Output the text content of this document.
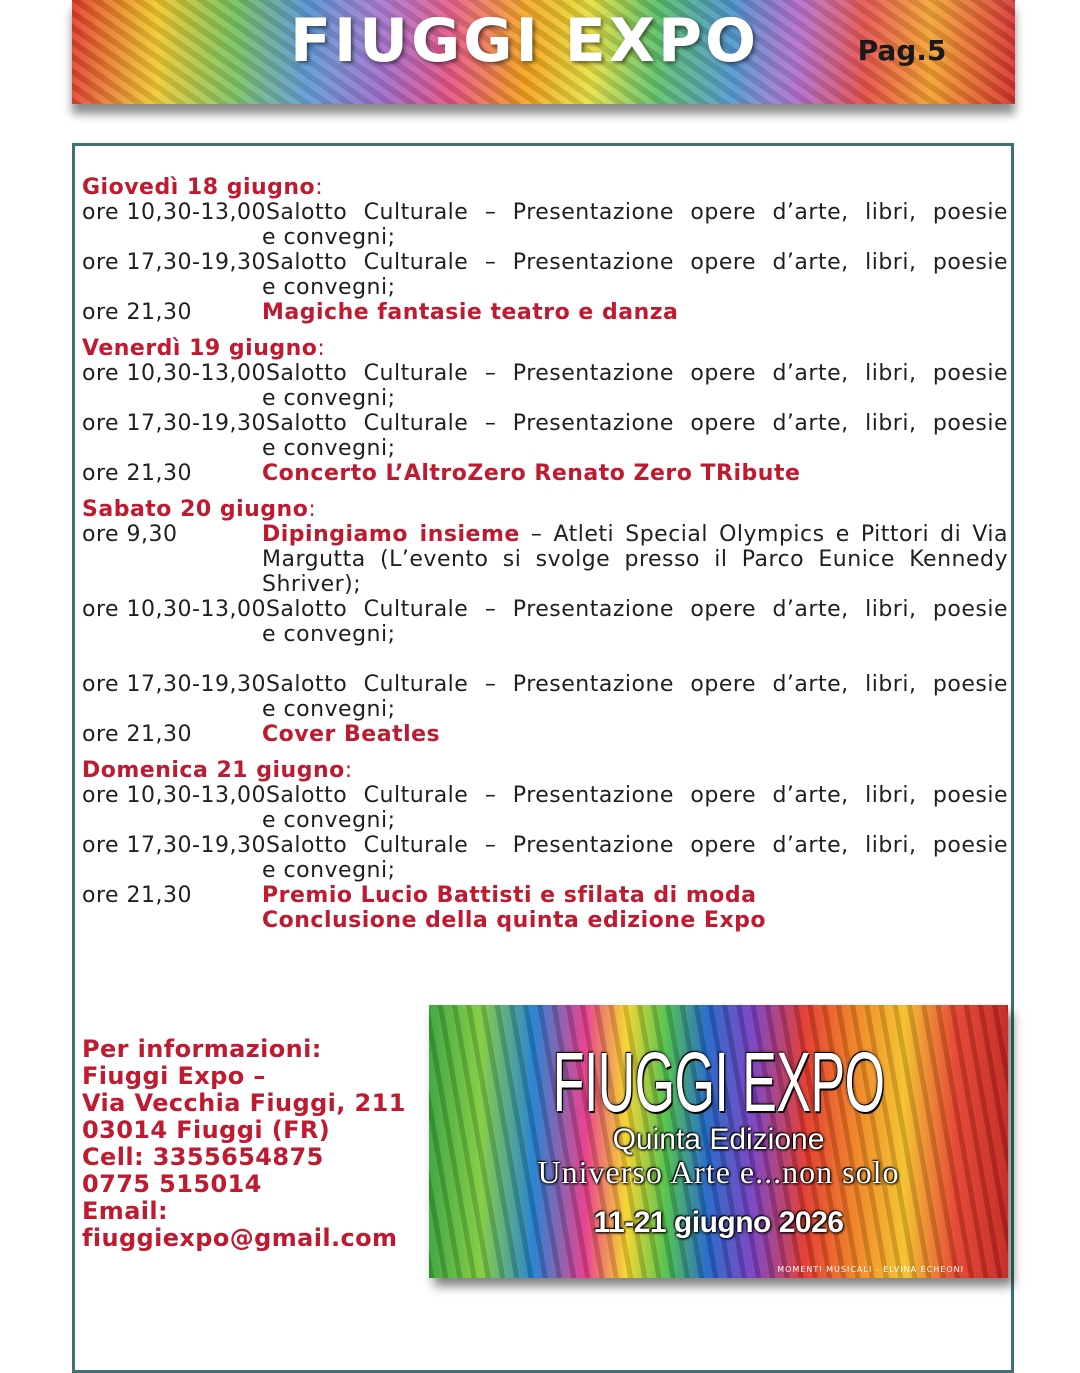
FIUGGI EXPO	Pag.5
Giovedì 18 giugno:
ore 10,30-13,00 Salotto Culturale – Presentazione opere d’arte, libri, poesie
e convegni;
ore 17,30-19,30 Salotto Culturale – Presentazione opere d’arte, libri, poesie
e convegni;
ore 21,30	Magiche fantasie teatro e danza
Venerdì 19 giugno:
ore 10,30-13,00 Salotto Culturale – Presentazione opere d’arte, libri, poesie
e convegni;
ore 17,30-19,30 Salotto Culturale – Presentazione opere d’arte, libri, poesie
e convegni;
ore 21,30	Concerto L’AltroZero Renato Zero TRibute
Sabato 20 giugno:
ore 9,30	Dipingiamo insieme – Atleti Special Olympics e Pittori di Via Margutta (L’evento si svolge presso il Parco Eunice Kennedy Shriver);
ore 10,30-13,00 Salotto Culturale – Presentazione opere d’arte, libri, poesie
e convegni;
ore 17,30-19,30 Salotto Culturale – Presentazione opere d’arte, libri, poesie
e convegni;
ore 21,30	Cover Beatles
Domenica 21 giugno:
ore 10,30-13,00 Salotto Culturale – Presentazione opere d’arte, libri, poesie
e convegni;
ore 17,30-19,30 Salotto Culturale – Presentazione opere d’arte, libri, poesie
e convegni;
ore 21,30	Premio Lucio Battisti e sfilata di moda
Conclusione della quinta edizione Expo
Per informazioni:
Fiuggi Expo –
Via Vecchia Fiuggi, 211
03014 Fiuggi (FR)
Cell: 3355654875
0775 515014
Email:
fiuggiexpo@gmail.com
FIUGGI EXPO
Quinta Edizione
Universo Arte e...non solo
11-21 giugno 2026
MOMENTI MUSICALI - ELVINA ECHEONI
